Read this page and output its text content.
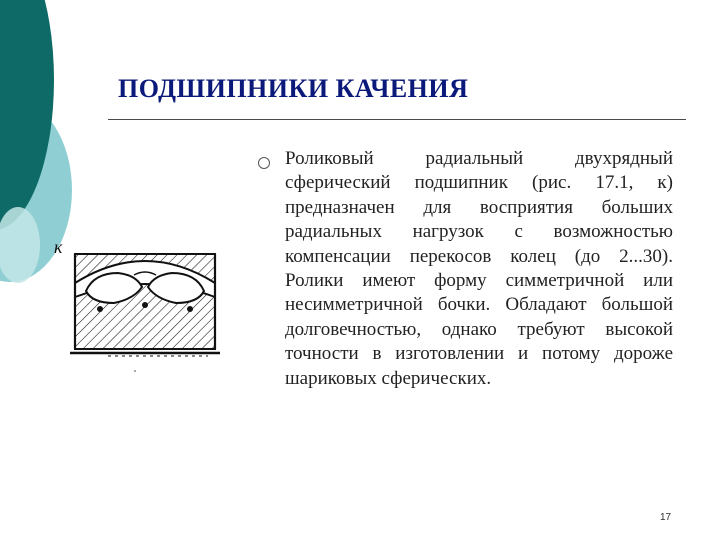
ПОДШИПНИКИ КАЧЕНИЯ

Роликовый радиальный двухрядный сферический подшипник (рис. 17.1, к) предназначен для восприятия больших радиальных нагрузок с возможностью компенсации перекосов колец (до 2...30). Ролики имеют форму симметричной или несимметричной бочки. Обладают большой долговечностью, однако требуют высокой точности в изготовлении и потому дороже шариковых сферических.

к
17
